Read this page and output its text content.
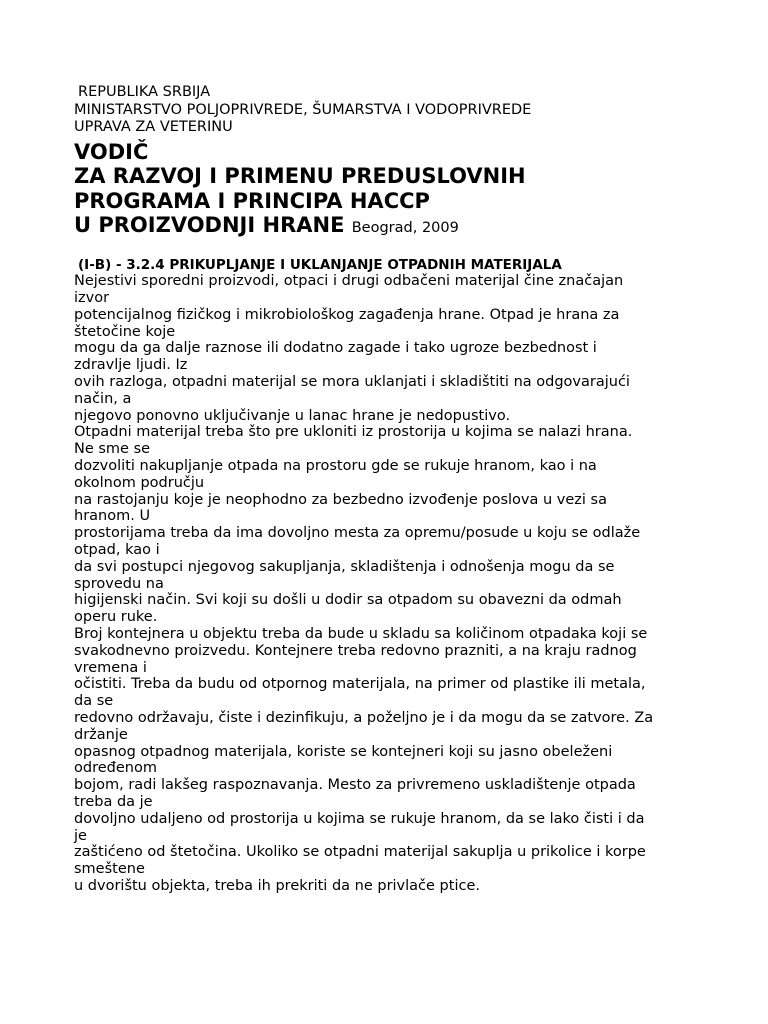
REPUBLIKA SRBIJA
MINISTARSTVO POLJOPRIVREDE, ŠUMARSTVA I VODOPRIVREDE
UPRAVA ZA VETERINU
VODIČ
ZA RAZVOJ I PRIMENU PREDUSLOVNIH
PROGRAMA I PRINCIPA HACCP
U PROIZVODNJI HRANE Beograd, 2009
(I-B) - 3.2.4 PRIKUPLJANJE I UKLANJANJE OTPADNIH MATERIJALA
Nejestivi sporedni proizvodi, otpaci i drugi odbačeni materijal čine značajan
izvor
potencijalnog fizičkog i mikrobiološkog zagađenja hrane. Otpad je hrana za
štetočine koje
mogu da ga dalje raznose ili dodatno zagade i tako ugroze bezbednost i
zdravlje ljudi. Iz
ovih razloga, otpadni materijal se mora uklanjati i skladištiti na odgovarajući
način, a
njegovo ponovno uključivanje u lanac hrane je nedopustivo.
Otpadni materijal treba što pre ukloniti iz prostorija u kojima se nalazi hrana.
Ne sme se
dozvoliti nakupljanje otpada na prostoru gde se rukuje hranom, kao i na
okolnom području
na rastojanju koje je neophodno za bezbedno izvođenje poslova u vezi sa
hranom. U
prostorijama treba da ima dovoljno mesta za opremu/posude u koju se odlaže
otpad, kao i
da svi postupci njegovog sakupljanja, skladištenja i odnošenja mogu da se
sprovedu na
higijenski način. Svi koji su došli u dodir sa otpadom su obavezni da odmah
operu ruke.
Broj kontejnera u objektu treba da bude u skladu sa količinom otpadaka koji se
svakodnevno proizvedu. Kontejnere treba redovno prazniti, a na kraju radnog
vremena i
očistiti. Treba da budu od otpornog materijala, na primer od plastike ili metala,
da se
redovno održavaju, čiste i dezinfikuju, a poželjno je i da mogu da se zatvore. Za
držanje
opasnog otpadnog materijala, koriste se kontejneri koji su jasno obeleženi
određenom
bojom, radi lakšeg raspoznavanja. Mesto za privremeno uskladištenje otpada
treba da je
dovoljno udaljeno od prostorija u kojima se rukuje hranom, da se lako čisti i da
je
zaštićeno od štetočina. Ukoliko se otpadni materijal sakuplja u prikolice i korpe
smeštene
u dvorištu objekta, treba ih prekriti da ne privlače ptice.
